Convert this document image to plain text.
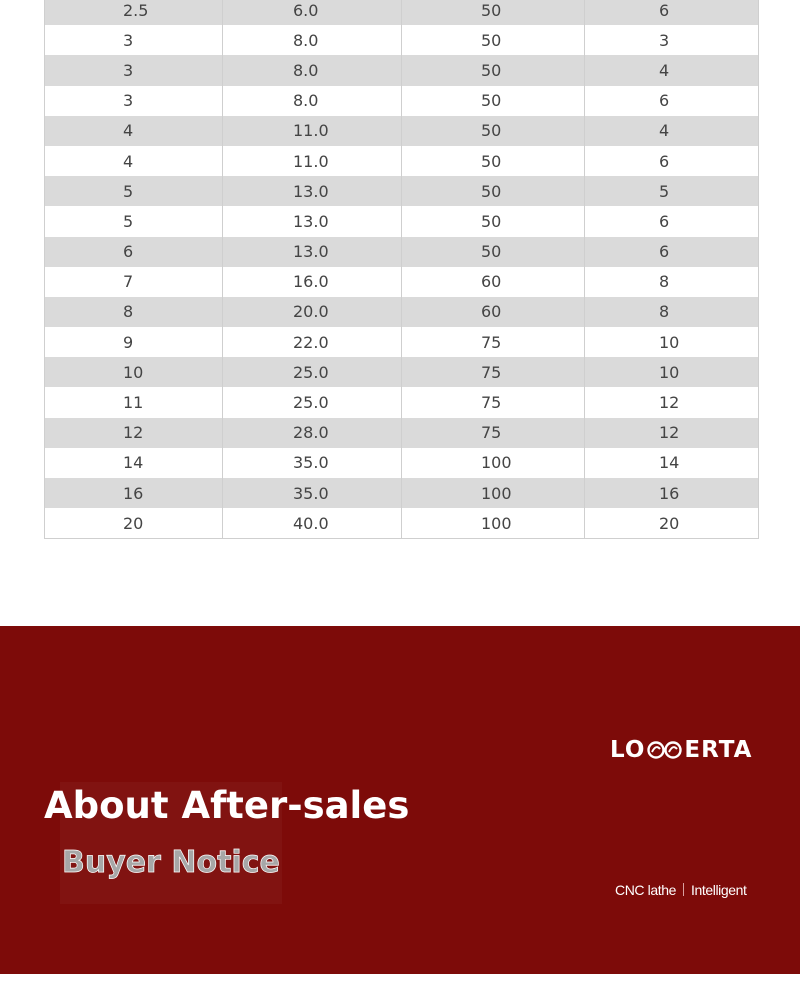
2.5	6.0	50	6
3	8.0	50	3
3	8.0	50	4
3	8.0	50	6
4	11.0	50	4
4	11.0	50	6
5	13.0	50	5
5	13.0	50	6
6	13.0	50	6
7	16.0	60	8
8	20.0	60	8
9	22.0	75	10
10	25.0	75	10
11	25.0	75	12
12	28.0	75	12
14	35.0	100	14
16	35.0	100	16
20	40.0	100	20
LO ERTA
About After-sales
Buyer Notice
CNC lathe Intelligent
